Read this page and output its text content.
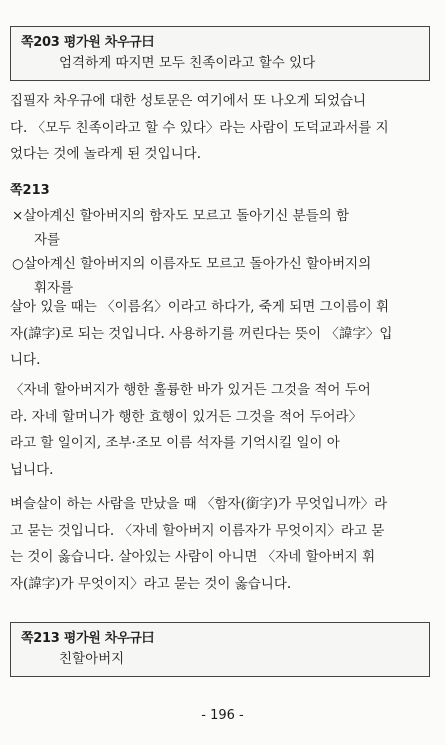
쪽203 평가원 차우규曰
엄격하게 따지면 모두 친족이라고 할수 있다
집필자 차우규에 대한 성토문은 여기에서 또 나오게 되었습니
다. 〈모두 친족이라고 할 수 있다〉라는 사람이 도덕교과서를 지
었다는 것에 놀라게 된 것입니다.
쪽213
×살아계신 할아버지의 함자도 모르고 돌아기신 분들의 함
자를
○살아계신 할아버지의 이름자도 모르고 돌아가신 할아버지의
휘자를
살아 있을 때는 〈이름名〉이라고 하다가, 죽게 되면 그이름이 휘
자(諱字)로 되는 것입니다. 사용하기를 꺼린다는 뜻이 〈諱字〉입
니다.
〈자네 할아버지가 행한 훌륭한 바가 있거든 그것을 적어 두어
라. 자네 할머니가 행한 효행이 있거든 그것을 적어 두어라〉
라고 할 일이지, 조부·조모 이름 석자를 기억시킬 일이 아
닙니다.
벼슬살이 하는 사람을 만났을 때 〈함자(銜字)가 무엇입니까〉라
고 묻는 것입니다. 〈자네 할아버지 이름자가 무엇이지〉라고 묻
는 것이 옳습니다. 살아있는 사람이 아니면 〈자네 할아버지 휘
자(諱字)가 무엇이지〉라고 묻는 것이 옳습니다.
쪽213 평가원 차우규曰
친할아버지
- 196 -
